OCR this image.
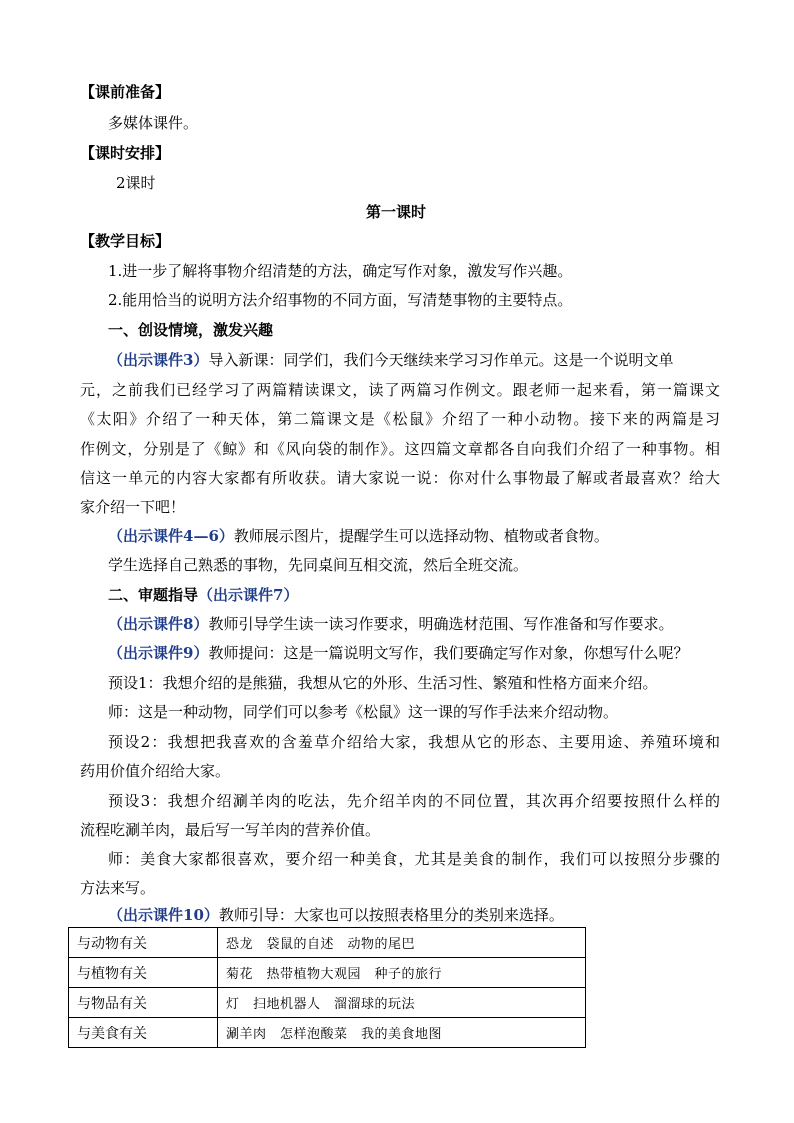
【课前准备】
多媒体课件。
【课时安排】
2课时
第一课时
【教学目标】
1.进一步了解将事物介绍清楚的方法，确定写作对象，激发写作兴趣。
2.能用恰当的说明方法介绍事物的不同方面，写清楚事物的主要特点。
一、创设情境，激发兴趣
（出示课件3）导入新课：同学们，我们今天继续来学习习作单元。这是一个说明文单
元，之前我们已经学习了两篇精读课文，读了两篇习作例文。跟老师一起来看，第一篇课文
《太阳》介绍了一种天体，第二篇课文是《松鼠》介绍了一种小动物。接下来的两篇是习
作例文，分别是了《鲸》和《风向袋的制作》。这四篇文章都各自向我们介绍了一种事物。相
信这一单元的内容大家都有所收获。请大家说一说：你对什么事物最了解或者最喜欢？给大
家介绍一下吧！
（出示课件4—6）教师展示图片，提醒学生可以选择动物、植物或者食物。
学生选择自己熟悉的事物，先同桌间互相交流，然后全班交流。
二、审题指导（出示课件7）
（出示课件8）教师引导学生读一读习作要求，明确选材范围、写作准备和写作要求。
（出示课件9）教师提问：这是一篇说明文写作，我们要确定写作对象，你想写什么呢？
预设1：我想介绍的是熊猫，我想从它的外形、生活习性、繁殖和性格方面来介绍。
师：这是一种动物，同学们可以参考《松鼠》这一课的写作手法来介绍动物。
预设2：我想把我喜欢的含羞草介绍给大家，我想从它的形态、主要用途、养殖环境和
药用价值介绍给大家。
预设3：我想介绍涮羊肉的吃法，先介绍羊肉的不同位置，其次再介绍要按照什么样的
流程吃涮羊肉，最后写一写羊肉的营养价值。
师：美食大家都很喜欢，要介绍一种美食，尤其是美食的制作，我们可以按照分步骤的
方法来写。
（出示课件10）教师引导：大家也可以按照表格里分的类别来选择。
与动物有关	恐龙　袋鼠的自述　动物的尾巴
与植物有关	菊花　热带植物大观园　种子的旅行
与物品有关	灯　扫地机器人　溜溜球的玩法
与美食有关	涮羊肉　怎样泡酸菜　我的美食地图
